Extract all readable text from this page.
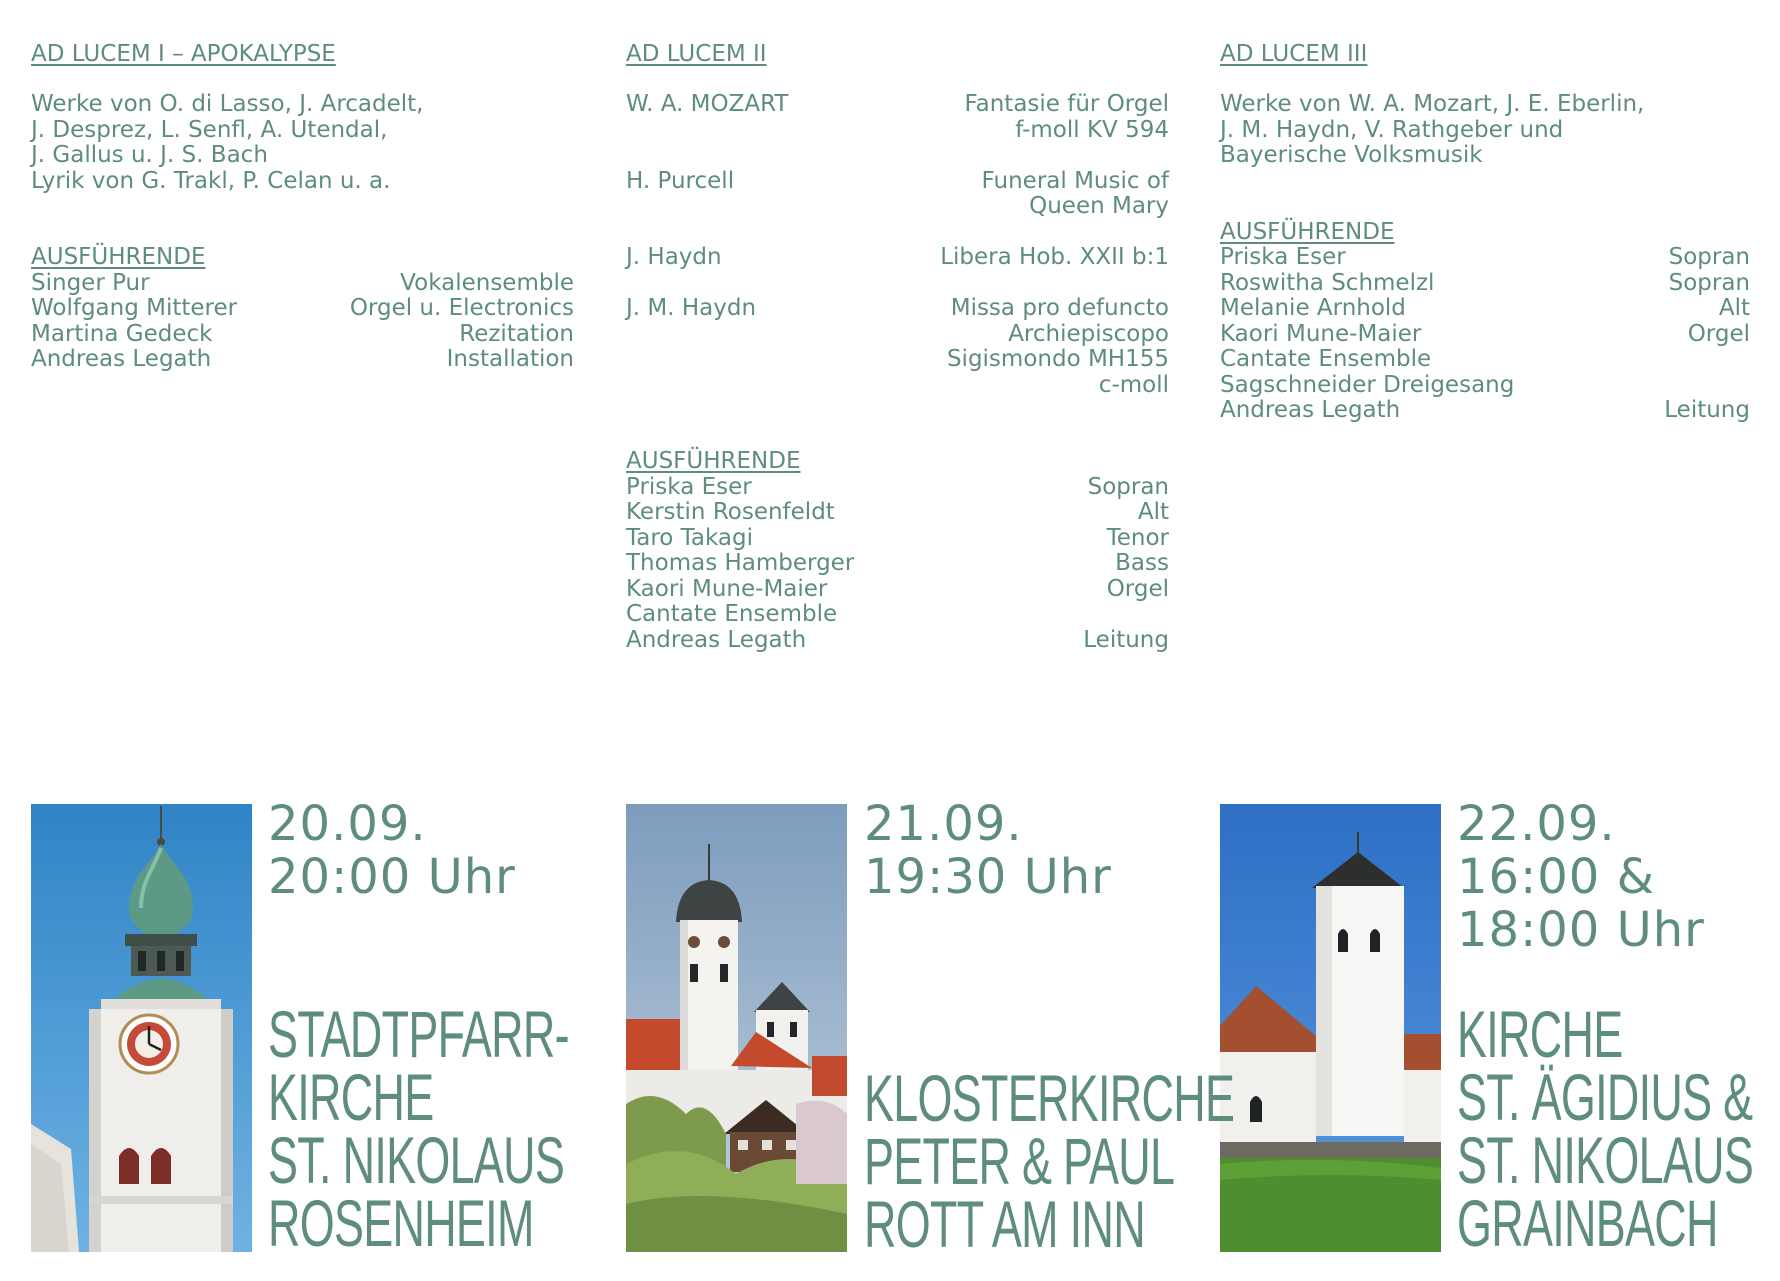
AD LUCEM I – APOKALYPSE
Werke von O. di Lasso, J. Arcadelt,
J. Desprez, L. Senfl, A. Utendal,
J. Gallus u. J. S. Bach
Lyrik von G. Trakl, P. Celan u. a.
AUSFÜHRENDE
Singer Pur	Vokalensemble
Wolfgang Mitterer	Orgel u. Electronics
Martina Gedeck	Rezitation
Andreas Legath	Installation
AD LUCEM II
W. A. MOZART	Fantasie für Orgel
f-moll KV 594
H. Purcell	Funeral Music of
Queen Mary
J. Haydn	Libera Hob. XXII b:1
J. M. Haydn	Missa pro defuncto
Archiepiscopo
Sigismondo MH155
c-moll
AUSFÜHRENDE
Priska Eser	Sopran
Kerstin Rosenfeldt	Alt
Taro Takagi	Tenor
Thomas Hamberger	Bass
Kaori Mune-Maier	Orgel
Cantate Ensemble
Andreas Legath	Leitung
AD LUCEM III
Werke von W. A. Mozart, J. E. Eberlin,
J. M. Haydn, V. Rathgeber und
Bayerische Volksmusik
AUSFÜHRENDE
Priska Eser	Sopran
Roswitha Schmelzl	Sopran
Melanie Arnhold	Alt
Kaori Mune-Maier	Orgel
Cantate Ensemble
Sagschneider Dreigesang
Andreas Legath	Leitung
20.09.
20:00 Uhr
21.09.
19:30 Uhr
22.09.
16:00 &
18:00 Uhr
STADTPFARR-
KIRCHE
ST. NIKOLAUS
ROSENHEIM
KLOSTERKIRCHE
PETER & PAUL
ROTT AM INN
KIRCHE
ST. ÄGIDIUS &
ST. NIKOLAUS
GRAINBACH
